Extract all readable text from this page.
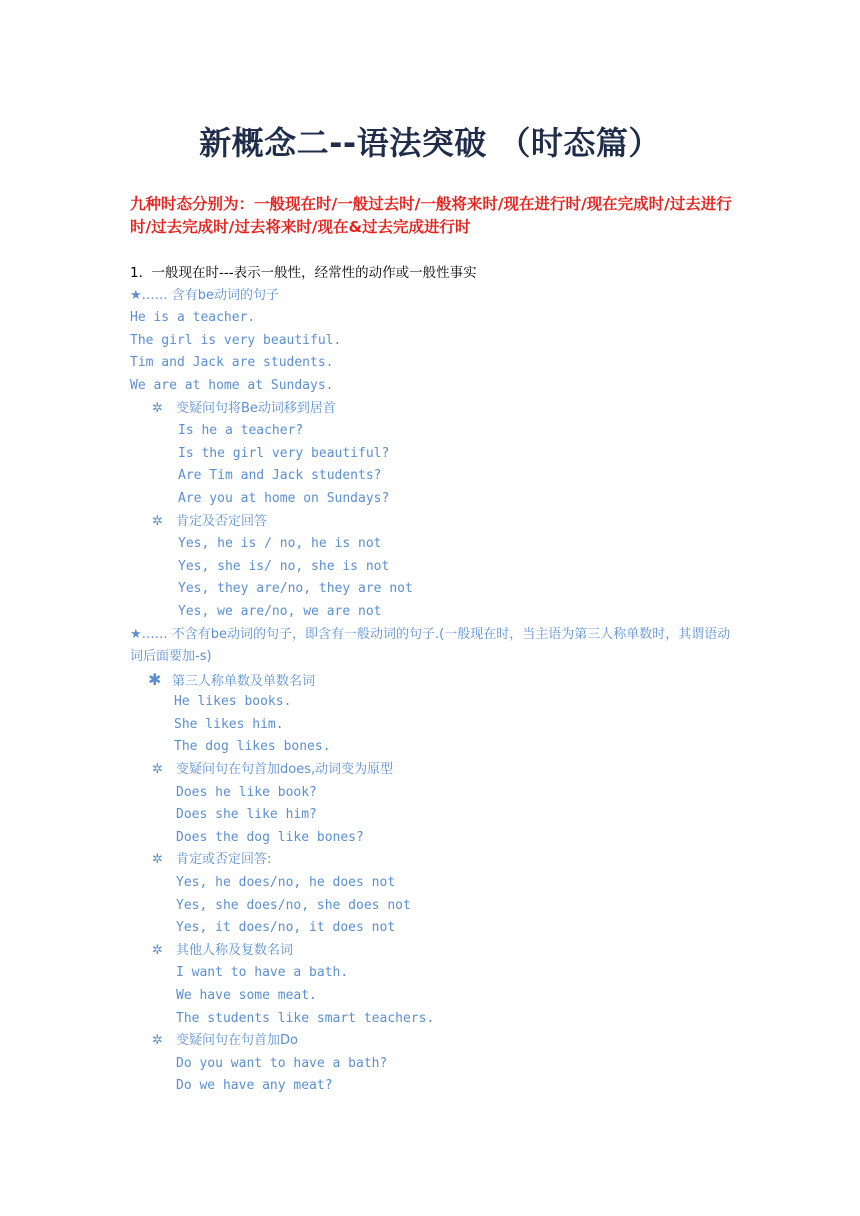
新概念二--语法突破 （时态篇）
九种时态分别为：一般现在时/一般过去时/一般将来时/现在进行时/现在完成时/过去进行时/过去完成时/过去将来时/现在&过去完成进行时
1.  一般现在时---表示一般性，经常性的动作或一般性事实
★…… 含有be动词的句子
He is a teacher.
The girl is very beautiful.
Tim and Jack are students.
We are at home at Sundays.
✲ 变疑问句将Be动词移到居首
Is he a teacher?
Is the girl very beautiful?
Are Tim and Jack students?
Are you at home on Sundays?
✲ 肯定及否定回答
Yes, he is / no, he is not
Yes, she is/ no, she is not
Yes, they are/no, they are not
Yes, we are/no, we are not
★…… 不含有be动词的句子，即含有一般动词的句子.(一般现在时，当主语为第三人称单数时，其谓语动词后面要加-s)
✱ 第三人称单数及单数名词
He likes books.
She likes him.
The dog likes bones.
✲ 变疑问句在句首加does,动词变为原型
Does he like book?
Does she like him?
Does the dog like bones?
✲ 肯定或否定回答:
Yes, he does/no, he does not
Yes, she does/no, she does not
Yes, it does/no, it does not
✲ 其他人称及复数名词
I want to have a bath.
We have some meat.
The students like smart teachers.
✲ 变疑问句在句首加Do
Do you want to have a bath?
Do we have any meat?
